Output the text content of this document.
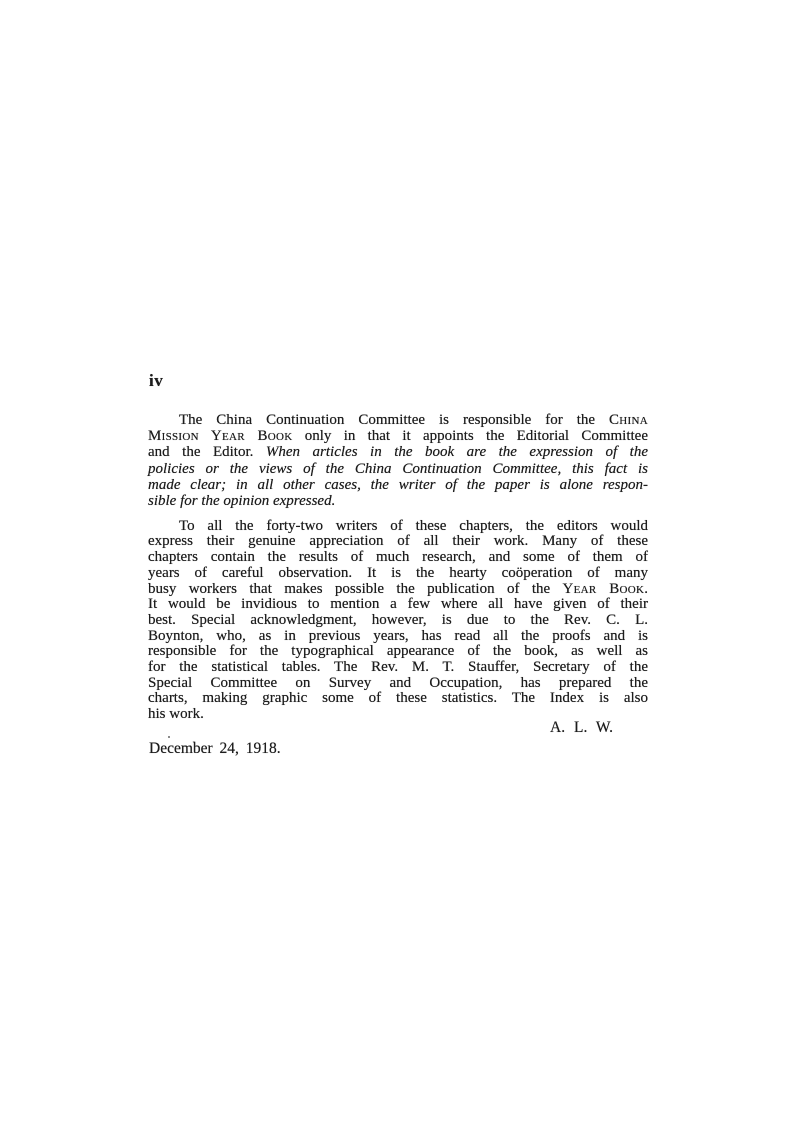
iv
The China Continuation Committee is responsible for the China
Mission Year Book only in that it appoints the Editorial Committee
and the Editor. When articles in the book are the expression of the
policies or the views of the China Continuation Committee, this fact is
made clear; in all other cases, the writer of the paper is alone respon-
sible for the opinion expressed.
To all the forty-two writers of these chapters, the editors would
express their genuine appreciation of all their work. Many of these
chapters contain the results of much research, and some of them of
years of careful observation. It is the hearty coöperation of many
busy workers that makes possible the publication of the Year Book.
It would be invidious to mention a few where all have given of their
best. Special acknowledgment, however, is due to the Rev. C. L.
Boynton, who, as in previous years, has read all the proofs and is
responsible for the typographical appearance of the book, as well as
for the statistical tables. The Rev. M. T. Stauffer, Secretary of the
Special Committee on Survey and Occupation, has prepared the
charts, making graphic some of these statistics. The Index is also
his work.
A. L. W.
December 24, 1918.
